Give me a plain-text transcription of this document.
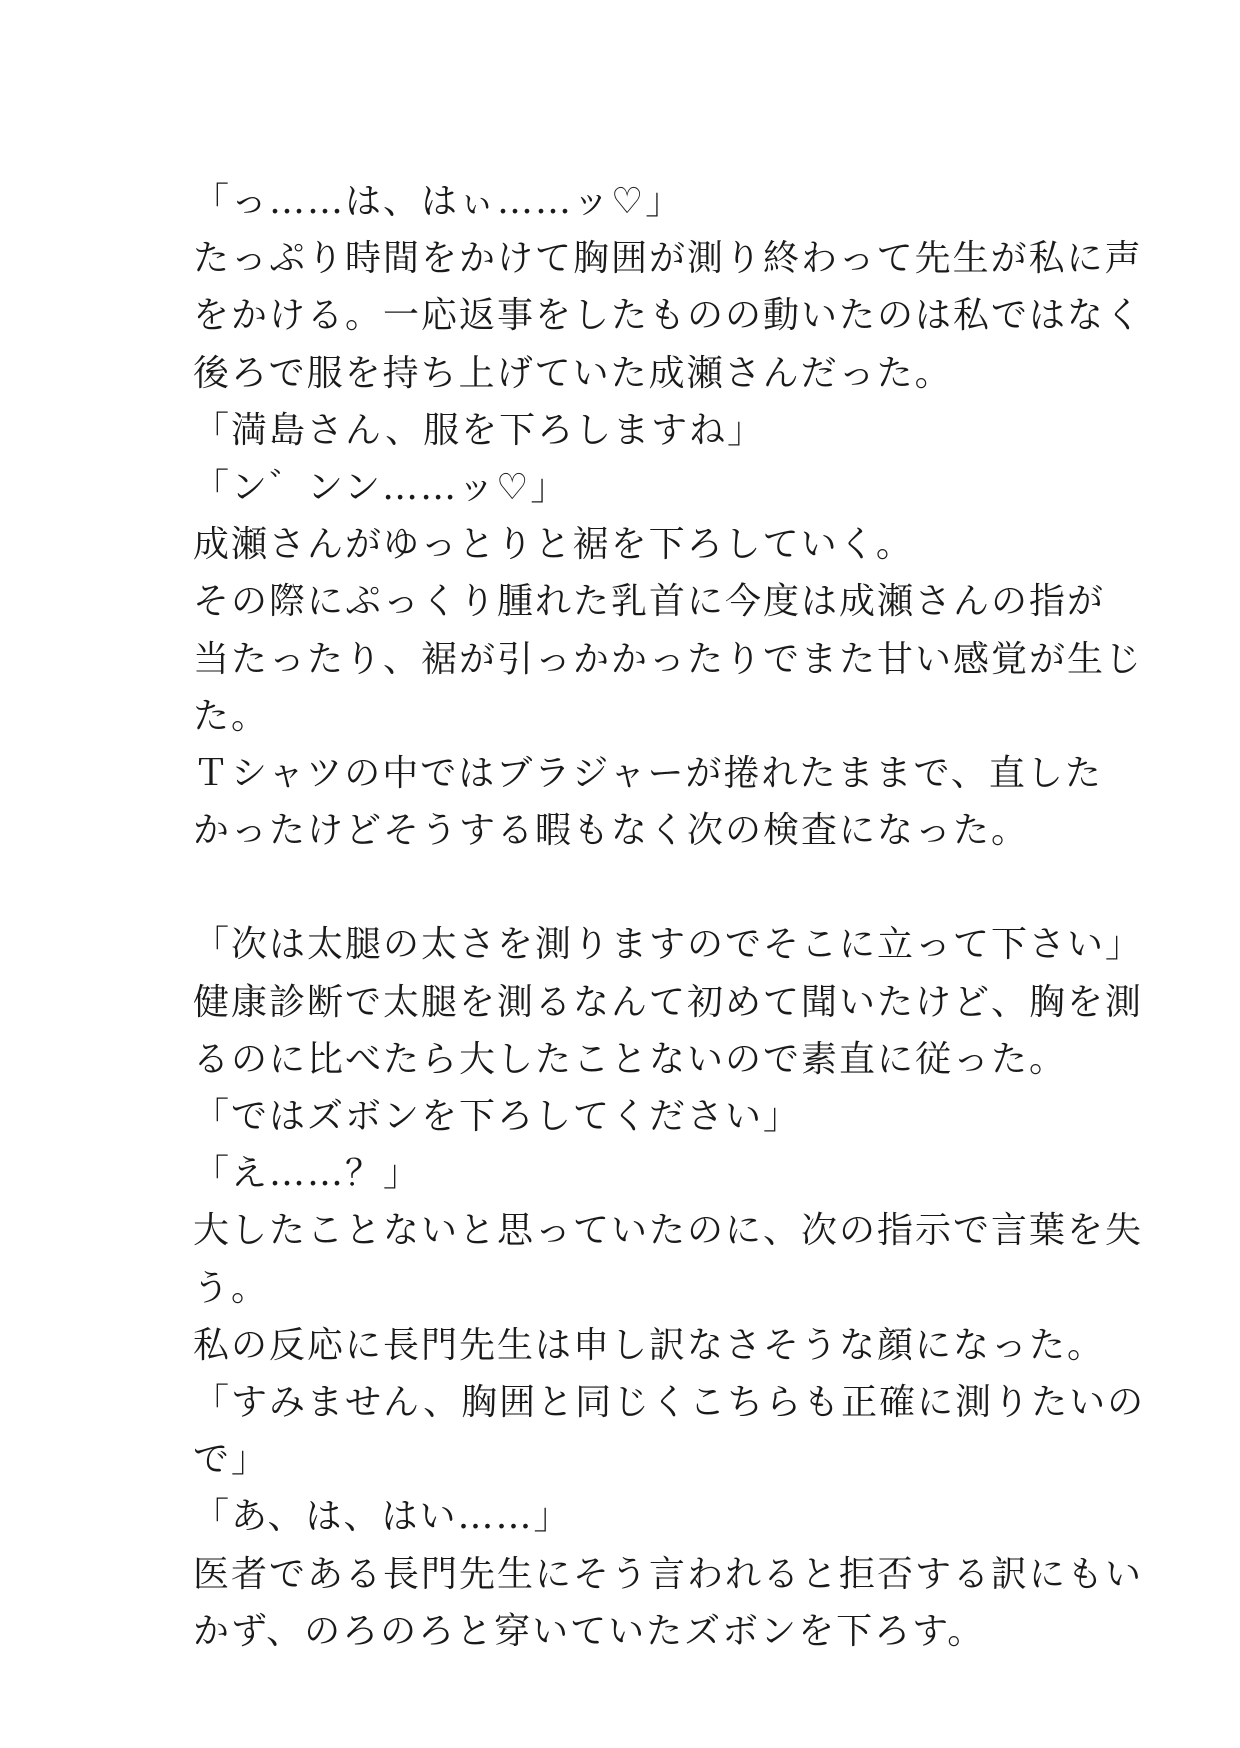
「っ……は、はぃ……ッ♡」
たっぷり時間をかけて胸囲が測り終わって先生が私に声
をかける。一応返事をしたものの動いたのは私ではなく
後ろで服を持ち上げていた成瀬さんだった。
「満島さん、服を下ろしますね」
「ン゛ンン……ッ♡」
成瀬さんがゆっとりと裾を下ろしていく。
その際にぷっくり腫れた乳首に今度は成瀬さんの指が
当たったり、裾が引っかかったりでまた甘い感覚が生じ
た。
Ｔシャツの中ではブラジャーが捲れたままで、直した
かったけどそうする暇もなく次の検査になった。
「次は太腿の太さを測りますのでそこに立って下さい」
健康診断で太腿を測るなんて初めて聞いたけど、胸を測
るのに比べたら大したことないので素直に従った。
「ではズボンを下ろしてください」
「え……？」
大したことないと思っていたのに、次の指示で言葉を失
う。
私の反応に長門先生は申し訳なさそうな顔になった。
「すみません、胸囲と同じくこちらも正確に測りたいの
で」
「あ、は、はい……」
医者である長門先生にそう言われると拒否する訳にもい
かず、のろのろと穿いていたズボンを下ろす。
